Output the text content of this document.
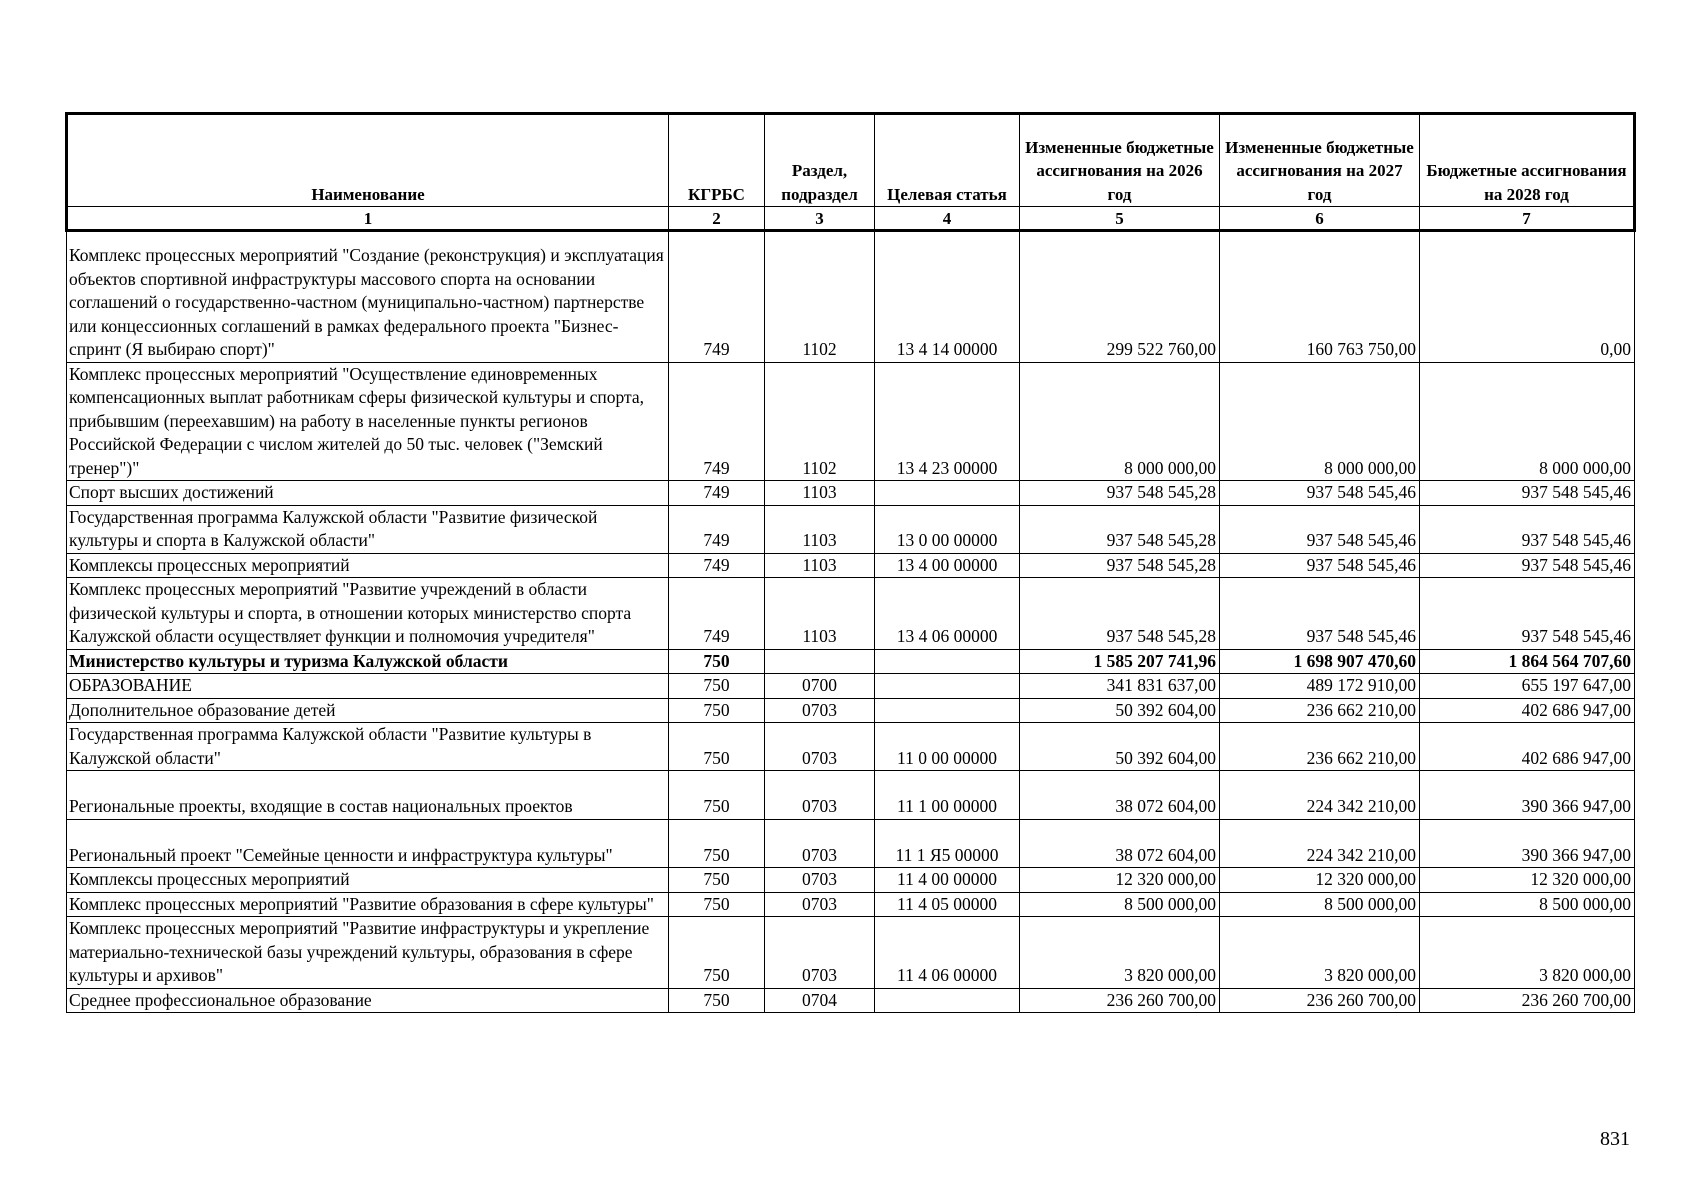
Наименование	КГРБС	Раздел, подраздел	Целевая статья	Измененные бюджетные ассигнования на 2026 год	Измененные бюджетные ассигнования на 2027 год	Бюджетные ассигнования на 2028 год
1	2	3	4	5	6	7
Комплекс процессных мероприятий "Создание (реконструкция) и эксплуатация объектов спортивной инфраструктуры массового спорта на основании соглашений о государственно-частном (муниципально-частном) партнерстве или концессионных соглашений в рамках федерального проекта "Бизнес-спринт (Я выбираю спорт)"	749	1102	13 4 14 00000	299 522 760,00	160 763 750,00	0,00
Комплекс процессных мероприятий "Осуществление единовременных компенсационных выплат работникам сферы физической культуры и спорта, прибывшим (переехавшим) на работу в населенные пункты регионов Российской Федерации с числом жителей до 50 тыс. человек ("Земский тренер")"	749	1102	13 4 23 00000	8 000 000,00	8 000 000,00	8 000 000,00
Спорт высших достижений	749	1103		937 548 545,28	937 548 545,46	937 548 545,46
Государственная программа Калужской области "Развитие физической культуры и спорта в Калужской области"	749	1103	13 0 00 00000	937 548 545,28	937 548 545,46	937 548 545,46
Комплексы процессных мероприятий	749	1103	13 4 00 00000	937 548 545,28	937 548 545,46	937 548 545,46
Комплекс процессных мероприятий "Развитие учреждений в области физической культуры и спорта, в отношении которых министерство спорта Калужской области осуществляет функции и полномочия учредителя"	749	1103	13 4 06 00000	937 548 545,28	937 548 545,46	937 548 545,46
Министерство культуры и туризма Калужской области	750			1 585 207 741,96	1 698 907 470,60	1 864 564 707,60
ОБРАЗОВАНИЕ	750	0700		341 831 637,00	489 172 910,00	655 197 647,00
Дополнительное образование детей	750	0703		50 392 604,00	236 662 210,00	402 686 947,00
Государственная программа Калужской области "Развитие культуры в Калужской области"	750	0703	11 0 00 00000	50 392 604,00	236 662 210,00	402 686 947,00
Региональные проекты, входящие в состав национальных проектов	750	0703	11 1 00 00000	38 072 604,00	224 342 210,00	390 366 947,00
Региональный проект "Семейные ценности и инфраструктура культуры"	750	0703	11 1 Я5 00000	38 072 604,00	224 342 210,00	390 366 947,00
Комплексы процессных мероприятий	750	0703	11 4 00 00000	12 320 000,00	12 320 000,00	12 320 000,00
Комплекс процессных мероприятий "Развитие образования в сфере культуры"	750	0703	11 4 05 00000	8 500 000,00	8 500 000,00	8 500 000,00
Комплекс процессных мероприятий "Развитие инфраструктуры и укрепление материально-технической базы учреждений культуры, образования в сфере культуры и архивов"	750	0703	11 4 06 00000	3 820 000,00	3 820 000,00	3 820 000,00
Среднее профессиональное образование	750	0704		236 260 700,00	236 260 700,00	236 260 700,00
831
